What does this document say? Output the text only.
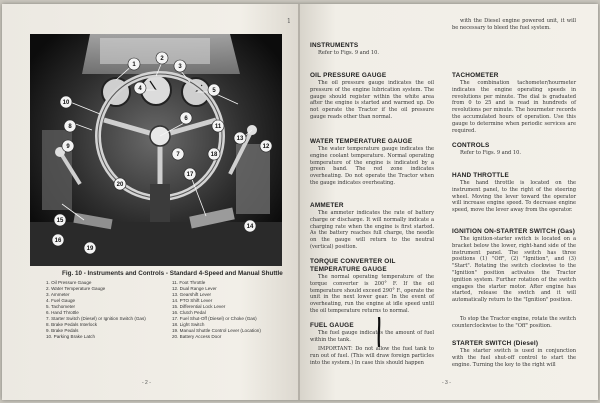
1
1
2
3
4	5
6
7
8
9
10
11
12
13
14
15
16
17
18
19
20
Fig. 10 - Instruments and Controls - Standard 4-Speed and Manual Shuttle
1. Oil Pressure Gauge
2. Water Temperature Gauge
3. Ammeter
4. Fuel Gauge
5. Tachometer
6. Hand Throttle
7. Starter Switch (Diesel) or Ignition Switch (Gas)
8. Brake Pedals Interlock
9. Brake Pedals
10. Parking Brake Latch
11. Foot Throttle
12. Dual Range Lever
13. Gearshift Lever
14. PTO Shift Lever
15. Differential Lock Lever
16. Clutch Pedal
17. Fuel Shut-Off (Diesel) or Choke (Gas)
18. Light Switch
19. Manual Shuttle Control Lever (Location)
20. Battery Access Door
- 2 -
INSTRUMENTS
Refer to Figs. 9 and 10.
OIL PRESSURE GAUGE
The oil pressure gauge indicates the oil pressure of the engine lubrication system. The gauge should register within the white area after the engine is started and warmed up. Do not operate the Tractor if the oil pressure gauge reads other than normal.
WATER TEMPERATURE GAUGE
The water temperature gauge indicates the engine coolant temperature. Normal operating temperature of the engine is indicated by a green band. The red zone indicates overheating. Do not operate the Tractor when the gauge indicates overheating.
AMMETER
The ammeter indicates the rate of battery charge or discharge. It will normally indicate a charging rate when the engine is first started. As the battery reaches full charge, the needle on the gauge will return to the neutral (vertical) position.
TORQUE CONVERTER OIL TEMPERATURE GAUGE
The normal operating temperature of the torque converter is 200° F. If the oil temperature should exceed 290° F., operate the unit in the next lower gear. In the event of overheating, run the engine at idle speed until the oil temperature returns to normal.
FUEL GAUGE
The fuel gauge indicates the amount of fuel within the tank.
IMPORTANT: Do not allow the fuel tank to run out of fuel. (This will draw foreign particles into the system.) In case this should happen
with the Diesel engine powered unit, it will be necessary to bleed the fuel system.
TACHOMETER
The combination tachometer/hourmeter indicates the engine operating speeds in revolutions per minute. The dial is graduated from 0 to 25 and is read in hundreds of revolutions per minute. The hourmeter records the accumulated hours of operation. Use this gauge to determine when periodic services are required.
CONTROLS
Refer to Figs. 9 and 10.
HAND THROTTLE
The hand throttle is located on the instrument panel, to the right of the steering wheel. Moving the lever toward the operator will increase engine speed. To decrease engine speed, move the lever away from the operator.
IGNITION ON-STARTER SWITCH (Gas)
The ignition-starter switch is located on a bracket below the lower, right-hand side of the instrument panel. The switch has three positions (1) "Off", (2) "Ignition", and (3) "Start". Rotating the switch clockwise to the "Ignition" position activates the Tractor ignition system. Further rotation of the switch engages the starter motor. After engine has started, release the switch and it will automatically return to the "Ignition" position.
To stop the Tractor engine, rotate the switch counterclockwise to the "Off" position.
STARTER SWITCH (Diesel)
The starter switch is used in conjunction with the fuel shut-off control to start the engine. Turning the key to the right will
- 3 -
